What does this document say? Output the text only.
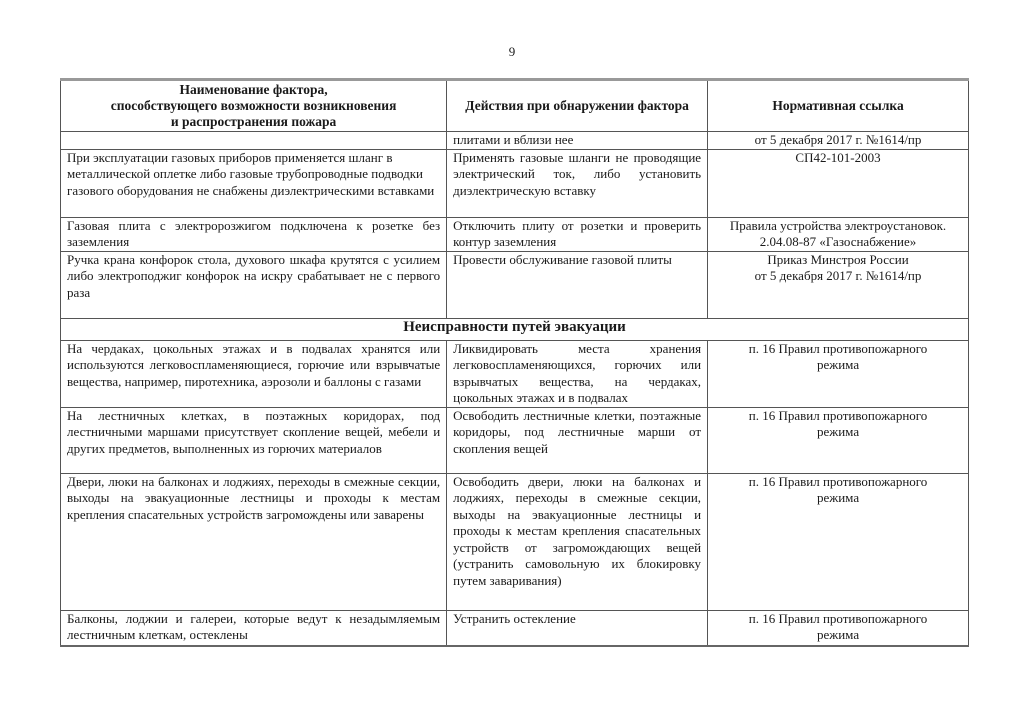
9
Наименование фактора,
способствующего возможности возникновения
и распространения пожара	Действия при обнаружении фактора	Нормативная ссылка
	плитами и вблизи нее	от 5 декабря 2017 г. №1614/пр
При эксплуатации газовых приборов применяется шланг в металлической оплетке либо газовые трубопроводные подводки газового оборудования не снабжены диэлектрическими вставками	Применять газовые шланги не проводящие электрический ток, либо установить диэлектрическую вставку	СП42-101-2003
Газовая плита с электророзжигом подключена к розетке без заземления	Отключить плиту от розетки и проверить контур заземления	Правила устройства электроустановок.
2.04.08-87 «Газоснабжение»

Ручка крана конфорок стола, духового шкафа крутятся с усилием либо электроподжиг конфорок на искру срабатывает не с первого раза	Провести обслуживание газовой плиты	Приказ Минстроя России
от 5 декабря 2017 г. №1614/пр

Неисправности путей эвакуации		
На чердаках, цокольных этажах и в подвалах хранятся или используются легковоспламеняющиеся, горючие или взрывчатые вещества, например, пиротехника, аэрозоли и баллоны с газами	Ликвидировать места хранения легковоспламеняющихся, горючих или взрывчатых вещества, на чердаках, цокольных этажах и в подвалах	п. 16 Правил противопожарного
режима

На лестничных клетках, в поэтажных коридорах, под лестничными маршами присутствует скопление вещей, мебели и других предметов, выполненных из горючих материалов	Освободить лестничные клетки, поэтажные коридоры, под лестничные марши от скопления вещей	п. 16 Правил противопожарного
режима

Двери, люки на балконах и лоджиях, переходы в смежные секции, выходы на эвакуационные лестницы и проходы к местам крепления спасательных устройств загромождены или заварены	Освободить двери, люки на балконах и лоджиях, переходы в смежные секции, выходы на эвакуационные лестницы и проходы к местам крепления спасательных устройств от загромождающих вещей (устранить самовольную их блокировку путем заваривания)	п. 16 Правил противопожарного
режима

Балконы, лоджии и галереи, которые ведут к незадымляемым лестничным клеткам, остеклены	Устранить остекление	п. 16 Правил противопожарного
режима
